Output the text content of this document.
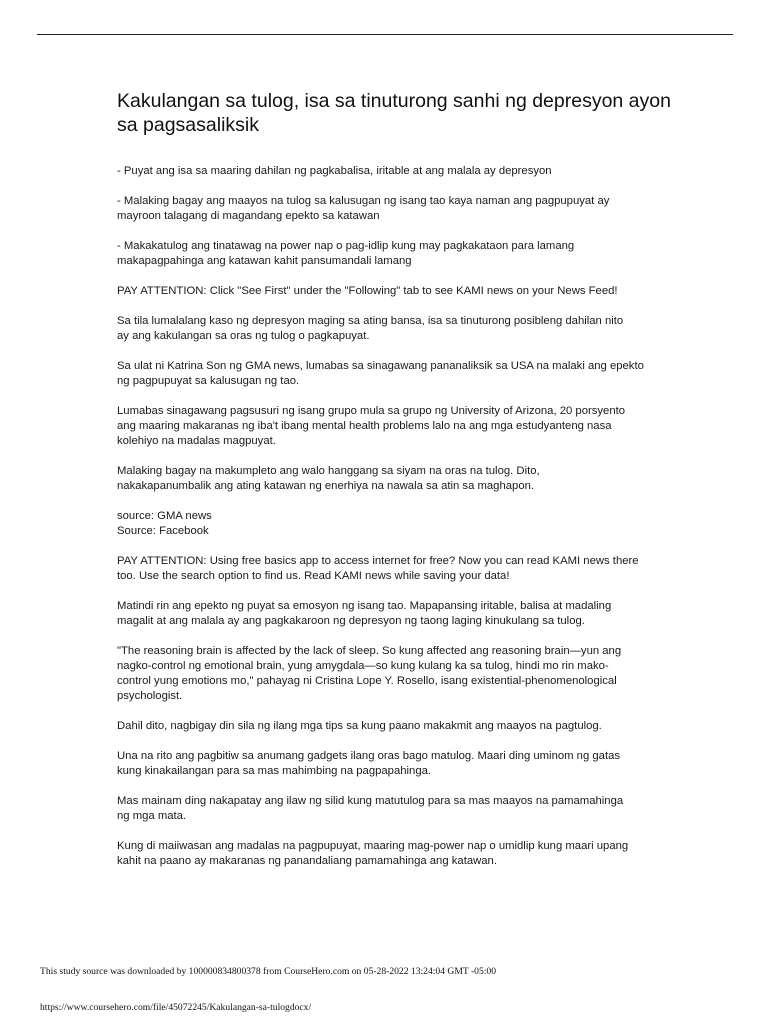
Kakulangan sa tulog, isa sa tinuturong sanhi ng depresyon ayon sa pagsasaliksik

- Puyat ang isa sa maaring dahilan ng pagkabalisa, iritable at ang malala ay depresyon

- Malaking bagay ang maayos na tulog sa kalusugan ng isang tao kaya naman ang pagpupuyat ay
mayroon talagang di magandang epekto sa katawan

- Makakatulog ang tinatawag na power nap o pag-idlip kung may pagkakataon para lamang
makapagpahinga ang katawan kahit pansumandali lamang

PAY ATTENTION: Click "See First" under the "Following" tab to see KAMI news on your News Feed!

Sa tila lumalalang kaso ng depresyon maging sa ating bansa, isa sa tinuturong posibleng dahilan nito
ay ang kakulangan sa oras ng tulog o pagkapuyat.

Sa ulat ni Katrina Son ng GMA news, lumabas sa sinagawang pananaliksik sa USA na malaki ang epekto
ng pagpupuyat sa kalusugan ng tao.

Lumabas sinagawang pagsusuri ng isang grupo mula sa grupo ng University of Arizona, 20 porsyento
ang maaring makaranas ng iba't ibang mental health problems lalo na ang mga estudyanteng nasa
kolehiyo na madalas magpuyat.

Malaking bagay na makumpleto ang walo hanggang sa siyam na oras na tulog. Dito,
nakakapanumbalik ang ating katawan ng enerhiya na nawala sa atin sa maghapon.

source: GMA news
Source: Facebook

PAY ATTENTION: Using free basics app to access internet for free? Now you can read KAMI news there
too. Use the search option to find us. Read KAMI news while saving your data!

Matindi rin ang epekto ng puyat sa emosyon ng isang tao. Mapapansing iritable, balisa at madaling
magalit at ang malala ay ang pagkakaroon ng depresyon ng taong laging kinukulang sa tulog.

"The reasoning brain is affected by the lack of sleep. So kung affected ang reasoning brain—yun ang
nagko-control ng emotional brain, yung amygdala—so kung kulang ka sa tulog, hindi mo rin mako-
control yung emotions mo," pahayag ni Cristina Lope Y. Rosello, isang existential-phenomenological
psychologist.

Dahil dito, nagbigay din sila ng ilang mga tips sa kung paano makakmit ang maayos na pagtulog.

Una na rito ang pagbitiw sa anumang gadgets ilang oras bago matulog. Maari ding uminom ng gatas
kung kinakailangan para sa mas mahimbing na pagpapahinga.

Mas mainam ding nakapatay ang ilaw ng silid kung matutulog para sa mas maayos na pamamahinga
ng mga mata.

Kung di maiiwasan ang madalas na pagpupuyat, maaring mag-power nap o umidlip kung maari upang
kahit na paano ay makaranas ng panandaliang pamamahinga ang katawan.

This study source was downloaded by 100000834800378 from CourseHero.com on 05-28-2022 13:24:04 GMT -05:00

https://www.coursehero.com/file/45072245/Kakulangan-sa-tulogdocx/
